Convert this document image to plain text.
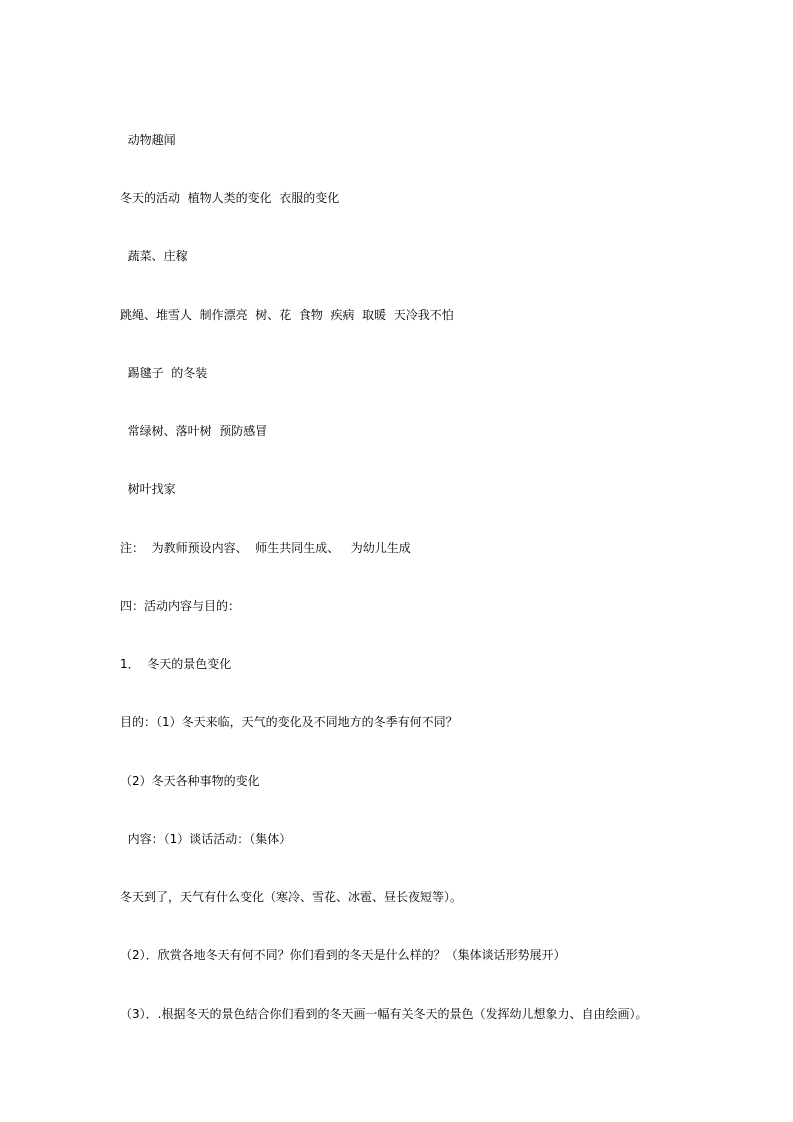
动物趣闻

冬天的活动  植物人类的变化  衣服的变化

蔬菜、庄稼

跳绳、堆雪人  制作漂亮  树、花  食物  疾病  取暖  天冷我不怕

踢毽子  的冬装

常绿树、落叶树  预防感冒

树叶找家

注：  为教师预设内容、  师生共同生成、   为幼儿生成

四：活动内容与目的：

1．  冬天的景色变化

目的：（1）冬天来临，天气的变化及不同地方的冬季有何不同？

（2）冬天各种事物的变化

内容：（1）谈话活动：（集体）

冬天到了，天气有什么变化（寒冷、雪花、冰雹、昼长夜短等）。

（2）．欣赏各地冬天有何不同？你们看到的冬天是什么样的？（集体谈话形势展开）

（3）．.根据冬天的景色结合你们看到的冬天画一幅有关冬天的景色（发挥幼儿想象力、自由绘画）。
